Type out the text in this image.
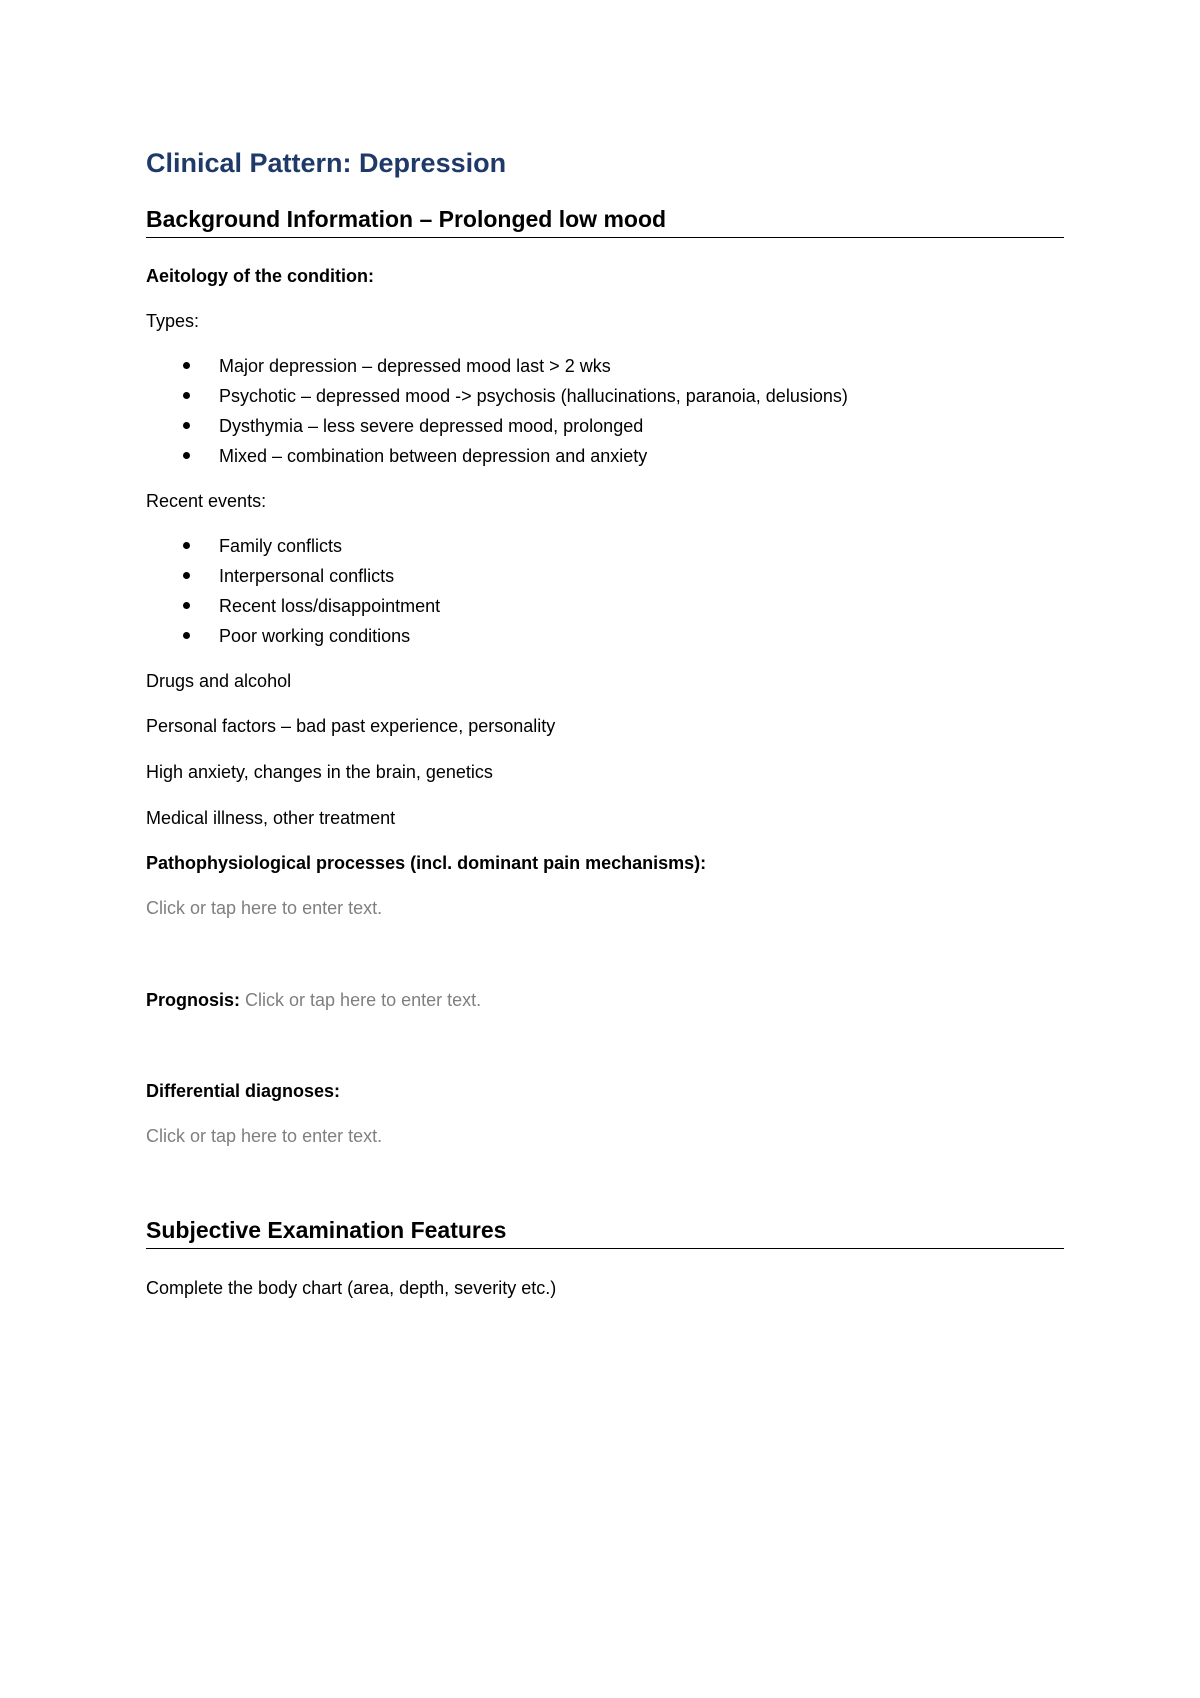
Clinical Pattern: Depression
Background Information – Prolonged low mood

Aeitology of the condition:

Types:

Major depression – depressed mood last > 2 wks
Psychotic – depressed mood -> psychosis (hallucinations, paranoia, delusions)
Dysthymia – less severe depressed mood, prolonged
Mixed – combination between depression and anxiety

Recent events:

Family conflicts
Interpersonal conflicts
Recent loss/disappointment
Poor working conditions

Drugs and alcohol

Personal factors – bad past experience, personality

High anxiety, changes in the brain, genetics

Medical illness, other treatment

Pathophysiological processes (incl. dominant pain mechanisms):

Click or tap here to enter text.

Prognosis: Click or tap here to enter text.

Differential diagnoses:

Click or tap here to enter text.

Subjective Examination Features

Complete the body chart (area, depth, severity etc.)
